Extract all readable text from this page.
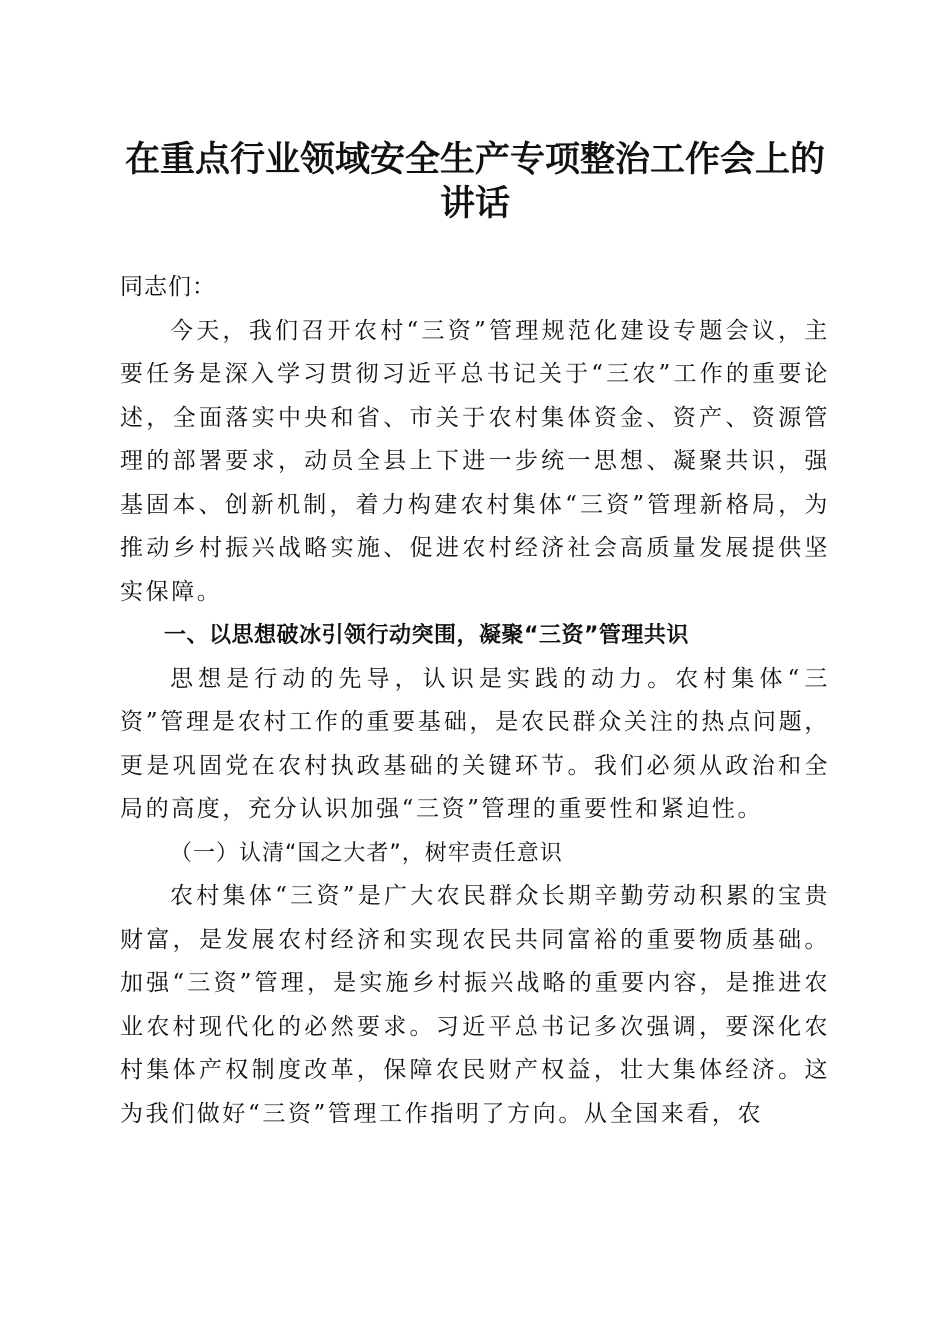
在重点行业领域安全生产专项整治工作会上的
讲话

同志们：

今天，我们召开农村“三资”管理规范化建设专题会议，主要任务是深入学习贯彻习近平总书记关于“三农”工作的重要论述，全面落实中央和省、市关于农村集体资金、资产、资源管理的部署要求，动员全县上下进一步统一思想、凝聚共识，强基固本、创新机制，着力构建农村集体“三资”管理新格局，为推动乡村振兴战略实施、促进农村经济社会高质量发展提供坚实保障。

一、以思想破冰引领行动突围，凝聚“三资”管理共识

思想是行动的先导，认识是实践的动力。农村集体“三资”管理是农村工作的重要基础，是农民群众关注的热点问题，更是巩固党在农村执政基础的关键环节。我们必须从政治和全局的高度，充分认识加强“三资”管理的重要性和紧迫性。

（一）认清“国之大者”，树牢责任意识

农村集体“三资”是广大农民群众长期辛勤劳动积累的宝贵财富，是发展农村经济和实现农民共同富裕的重要物质基础。加强“三资”管理，是实施乡村振兴战略的重要内容，是推进农业农村现代化的必然要求。习近平总书记多次强调，要深化农村集体产权制度改革，保障农民财产权益，壮大集体经济。这为我们做好“三资”管理工作指明了方向。从全国来看，农
